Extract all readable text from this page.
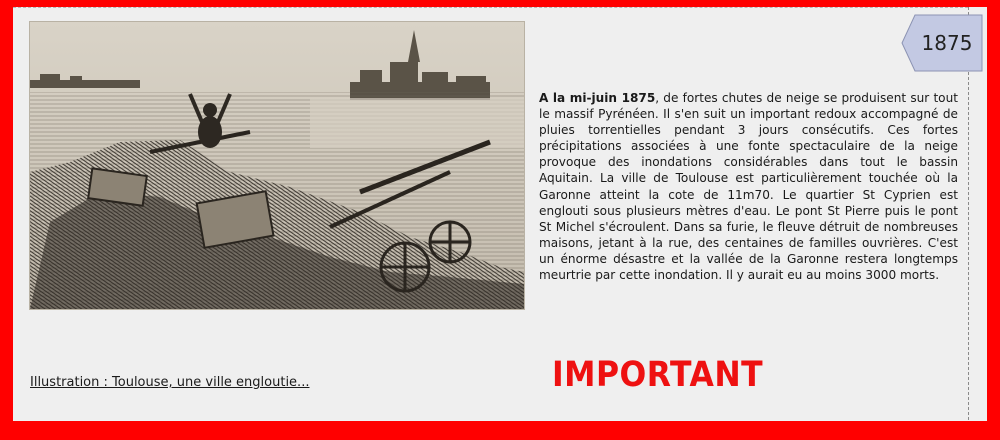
Illustration : Toulouse, une ville engloutie...

A la mi-juin 1875, de fortes chutes de neige se produisent sur tout le massif Pyrénéen. Il s'en suit un important redoux accompagné de pluies torrentielles pendant 3 jours consécutifs. Ces fortes précipitations associées à une fonte spectaculaire de la neige provoque des inondations considérables dans tout le bassin Aquitain. La ville de Toulouse est particulièrement touchée où la Garonne atteint la cote de 11m70. Le quartier St Cyprien est englouti sous plusieurs mètres d'eau. Le pont St Pierre puis le pont St Michel s'écroulent. Dans sa furie, le fleuve détruit de nombreuses maisons, jetant à la rue, des centaines de familles ouvrières. C'est un énorme désastre et la vallée de la Garonne restera longtemps meurtrie par cette inondation. Il y aurait eu au moins 3000 morts.

IMPORTANT
1875
